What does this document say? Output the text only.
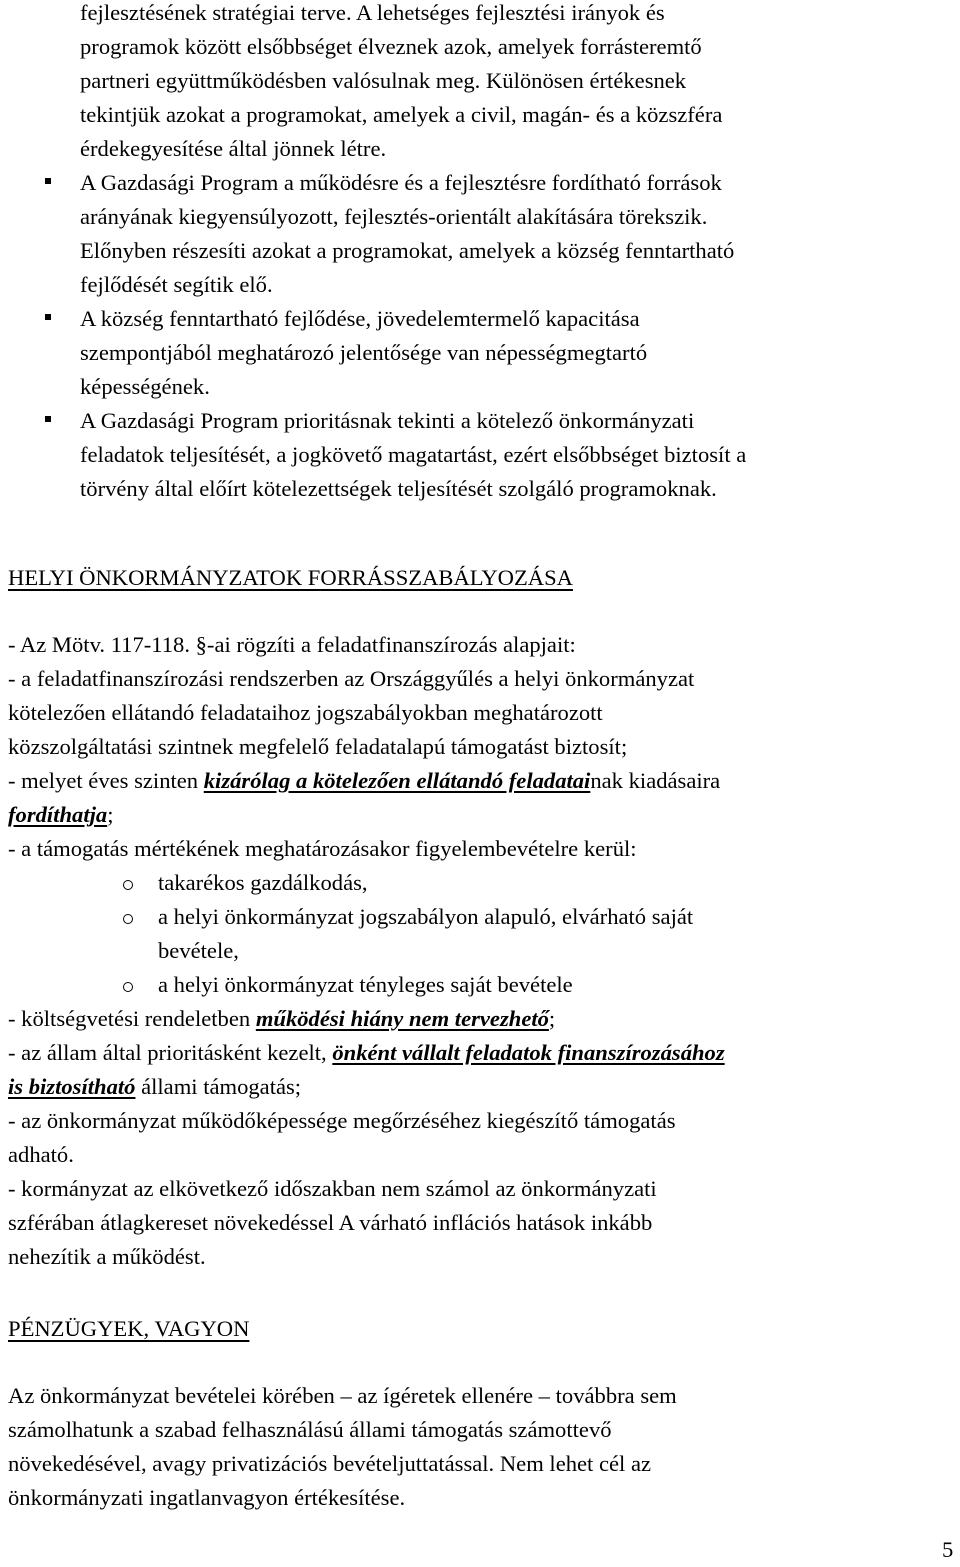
fejlesztésének stratégiai terve. A lehetséges fejlesztési irányok és
programok között elsőbbséget élveznek azok, amelyek forrásteremtő
partneri együttműködésben valósulnak meg. Különösen értékesnek
tekintjük azokat a programokat, amelyek a civil, magán- és a közszféra
érdekegyesítése által jönnek létre.
A Gazdasági Program a működésre és a fejlesztésre fordítható források
arányának kiegyensúlyozott, fejlesztés-orientált alakítására törekszik.
Előnyben részesíti azokat a programokat, amelyek a község fenntartható
fejlődését segítik elő.
A község fenntartható fejlődése, jövedelemtermelő kapacitása
szempontjából meghatározó jelentősége van népességmegtartó
képességének.
A Gazdasági Program prioritásnak tekinti a kötelező önkormányzati
feladatok teljesítését, a jogkövető magatartást, ezért elsőbbséget biztosít a
törvény által előírt kötelezettségek teljesítését szolgáló programoknak.
HELYI ÖNKORMÁNYZATOK FORRÁSSZABÁLYOZÁSA
- Az Mötv. 117-118. §-ai rögzíti a feladatfinanszírozás alapjait:
- a feladatfinanszírozási rendszerben az Országgyűlés a helyi önkormányzat
kötelezően ellátandó feladataihoz jogszabályokban meghatározott
közszolgáltatási szintnek megfelelő feladatalapú támogatást biztosít;
- melyet éves szinten kizárólag a kötelezően ellátandó feladatainak kiadásaira
fordíthatja;
- a támogatás mértékének meghatározásakor figyelembevételre kerül:
takarékos gazdálkodás,
a helyi önkormányzat jogszabályon alapuló, elvárható saját
bevétele,
a helyi önkormányzat tényleges saját bevétele
- költségvetési rendeletben működési hiány nem tervezhető;
- az állam által prioritásként kezelt, önként vállalt feladatok finanszírozásához
is biztosítható állami támogatás;
- az önkormányzat működőképessége megőrzéséhez kiegészítő támogatás
adható.
- kormányzat az elkövetkező időszakban nem számol az önkormányzati
szférában átlagkereset növekedéssel A várható inflációs hatások inkább
nehezítik a működést.
PÉNZÜGYEK, VAGYON
Az önkormányzat bevételei körében – az ígéretek ellenére – továbbra sem
számolhatunk a szabad felhasználású állami támogatás számottevő
növekedésével, avagy privatizációs bevételjuttatással. Nem lehet cél az
önkormányzati ingatlanvagyon értékesítése.
5
